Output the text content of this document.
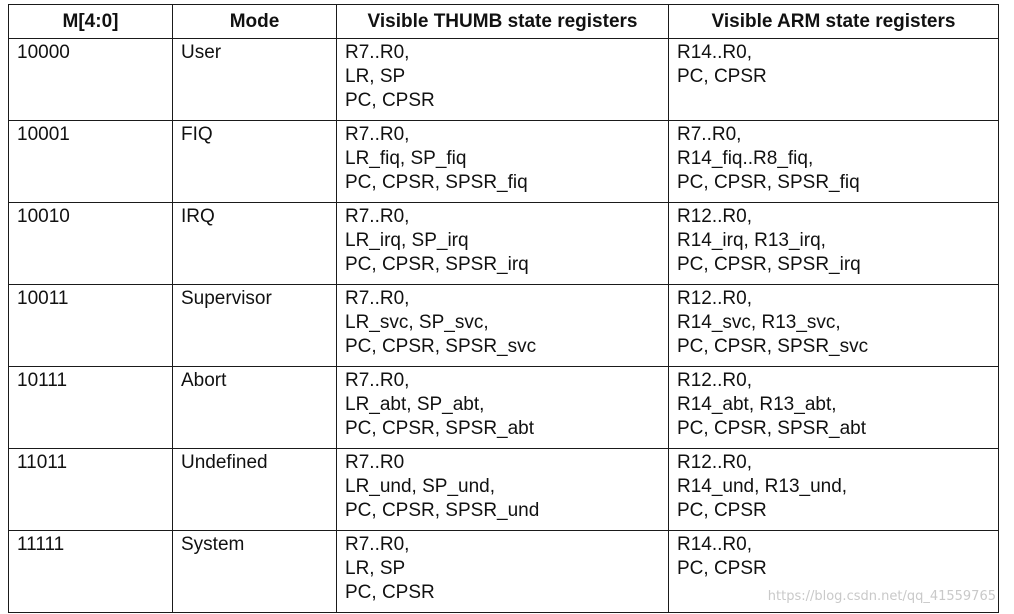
M[4:0]	Mode	Visible THUMB state registers	Visible ARM state registers
10000	User	R7..R0,
LR, SP
PC, CPSR	R14..R0,
PC, CPSR

10001	FIQ	R7..R0,
LR_fiq, SP_fiq
PC, CPSR, SPSR_fiq	R7..R0,
R14_fiq..R8_fiq,
PC, CPSR, SPSR_fiq

10010	IRQ	R7..R0,
LR_irq, SP_irq
PC, CPSR, SPSR_irq	R12..R0,
R14_irq, R13_irq,
PC, CPSR, SPSR_irq

10011	Supervisor	R7..R0,
LR_svc, SP_svc,
PC, CPSR, SPSR_svc	R12..R0,
R14_svc, R13_svc,
PC, CPSR, SPSR_svc

10111	Abort	R7..R0,
LR_abt, SP_abt,
PC, CPSR, SPSR_abt	R12..R0,
R14_abt, R13_abt,
PC, CPSR, SPSR_abt

11011	Undefined	R7..R0
LR_und, SP_und,
PC, CPSR, SPSR_und	R12..R0,
R14_und, R13_und,
PC, CPSR

11111	System	R7..R0,
LR, SP
PC, CPSR	R14..R0,
PC, CPSR
https://blog.csdn.net/qq_41559765
